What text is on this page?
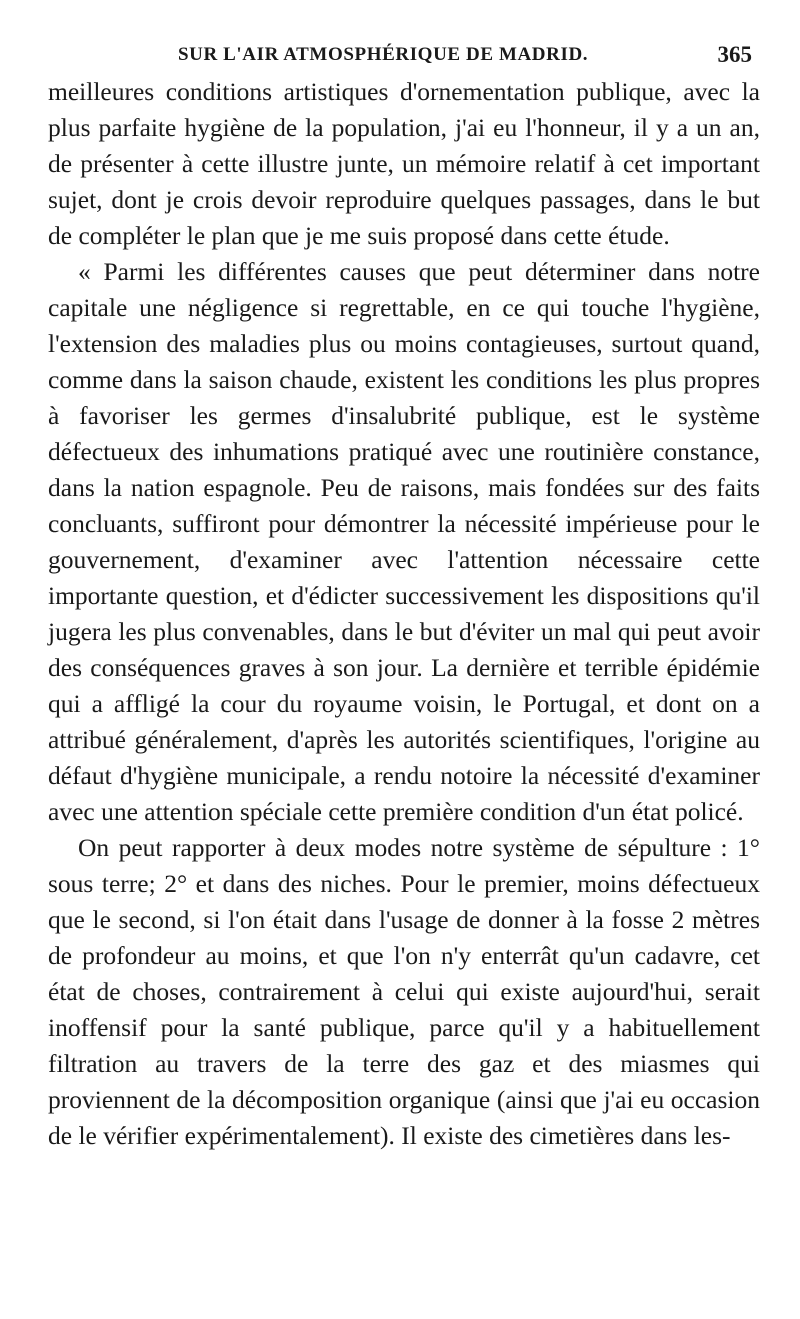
SUR L'AIR ATMOSPHÉRIQUE DE MADRID.	365

meilleures conditions artistiques d'ornementation publique, avec la plus parfaite hygiène de la population, j'ai eu l'honneur, il y a un an, de présenter à cette illustre junte, un mémoire relatif à cet important sujet, dont je crois devoir reproduire quelques passages, dans le but de compléter le plan que je me suis proposé dans cette étude.

« Parmi les différentes causes que peut déterminer dans notre capitale une négligence si regrettable, en ce qui touche l'hygiène, l'extension des maladies plus ou moins contagieuses, surtout quand, comme dans la saison chaude, existent les conditions les plus propres à favoriser les germes d'insalubrité publique, est le système défectueux des inhumations pratiqué avec une routinière constance, dans la nation espagnole. Peu de raisons, mais fondées sur des faits concluants, suffiront pour démontrer la nécessité impérieuse pour le gouvernement, d'examiner avec l'attention nécessaire cette importante question, et d'édicter successivement les dispositions qu'il jugera les plus convenables, dans le but d'éviter un mal qui peut avoir des conséquences graves à son jour. La dernière et terrible épidémie qui a affligé la cour du royaume voisin, le Portugal, et dont on a attribué généralement, d'après les autorités scientifiques, l'origine au défaut d'hygiène municipale, a rendu notoire la nécessité d'examiner avec une attention spéciale cette première condition d'un état policé.

On peut rapporter à deux modes notre système de sépulture : 1° sous terre; 2° et dans des niches. Pour le premier, moins défectueux que le second, si l'on était dans l'usage de donner à la fosse 2 mètres de profondeur au moins, et que l'on n'y enterrât qu'un cadavre, cet état de choses, contrairement à celui qui existe aujourd'hui, serait inoffensif pour la santé publique, parce qu'il y a habituellement filtration au travers de la terre des gaz et des miasmes qui proviennent de la décomposition organique (ainsi que j'ai eu occasion de le vérifier expérimentalement). Il existe des cimetières dans les-
